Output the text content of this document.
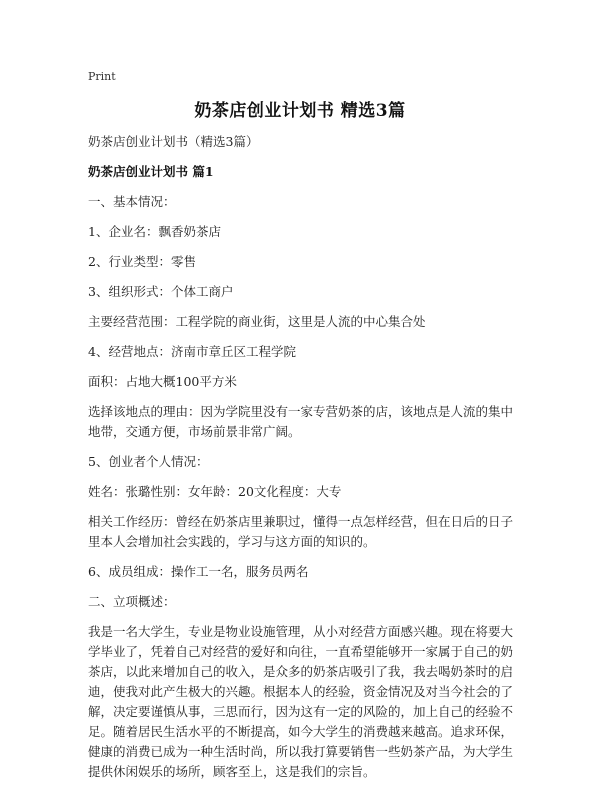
Print
奶茶店创业计划书 精选3篇

奶茶店创业计划书（精选3篇）

奶茶店创业计划书 篇1

一、基本情况：

1、企业名：飘香奶茶店

2、行业类型：零售

3、组织形式：个体工商户

主要经营范围：工程学院的商业街，这里是人流的中心集合处

4、经营地点：济南市章丘区工程学院

面积：占地大概100平方米

选择该地点的理由：因为学院里没有一家专营奶茶的店，该地点是人流的集中地带，交通方便，市场前景非常广阔。

5、创业者个人情况：

姓名：张璐性别：女年龄：20文化程度：大专

相关工作经历：曾经在奶茶店里兼职过，懂得一点怎样经营，但在日后的日子里本人会增加社会实践的，学习与这方面的知识的。

6、成员组成：操作工一名，服务员两名

二、立项概述：

我是一名大学生，专业是物业设施管理，从小对经营方面感兴趣。现在将要大学毕业了，凭着自己对经营的爱好和向往，一直希望能够开一家属于自己的奶茶店，以此来增加自己的收入，是众多的奶茶店吸引了我，我去喝奶茶时的启迪，使我对此产生极大的兴趣。根据本人的经验，资金情况及对当今社会的了解，决定要谨慎从事，三思而行，因为这有一定的风险的，加上自己的经验不足。随着居民生活水平的不断提高，如今大学生的消费越来越高。追求环保，健康的消费已成为一种生活时尚，所以我打算要销售一些奶茶产品，为大学生提供休闲娱乐的场所，顾客至上，这是我们的宗旨。
